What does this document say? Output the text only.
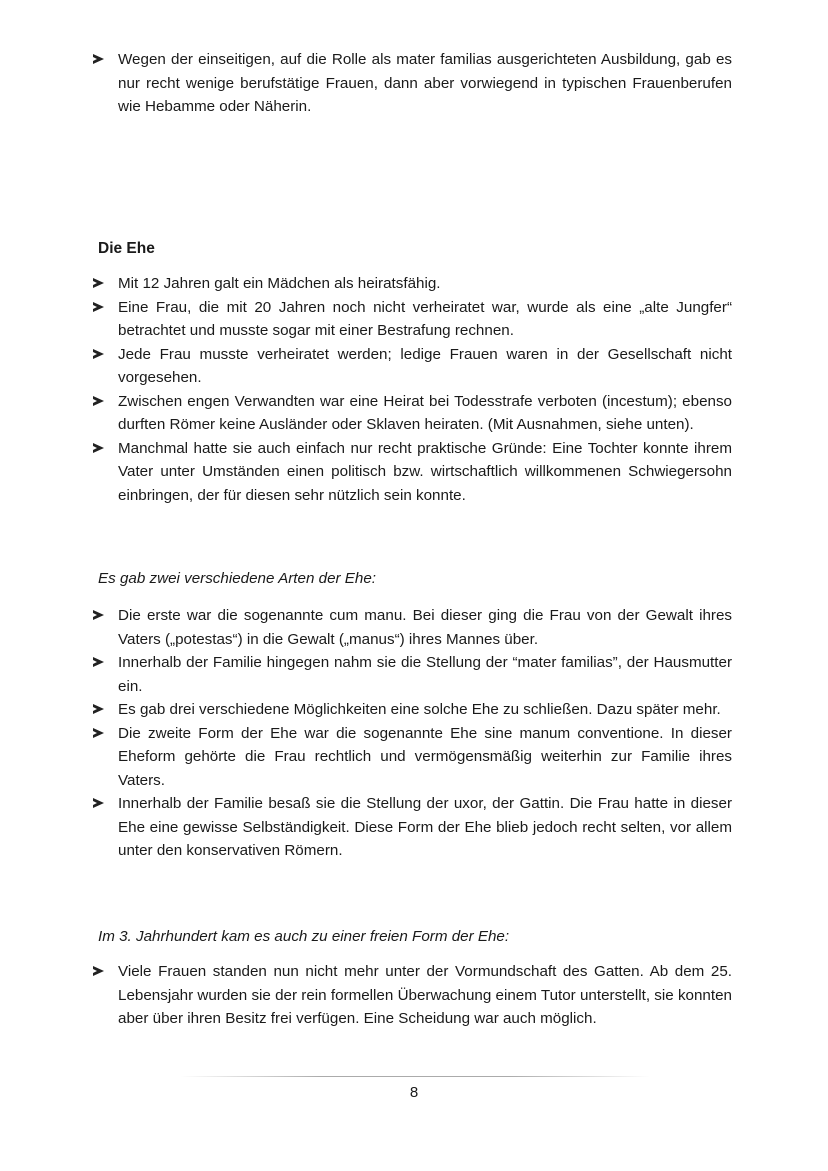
Wegen der einseitigen, auf die Rolle als mater familias ausgerichteten Ausbildung, gab es nur recht wenige berufstätige Frauen, dann aber vorwiegend in typischen Frauenberufen wie Hebamme oder Näherin.
Die Ehe
Mit 12 Jahren galt ein Mädchen als heiratsfähig.
Eine Frau, die mit 20 Jahren noch nicht verheiratet war, wurde als eine „alte Jungfer“ betrachtet und musste sogar mit einer Bestrafung rechnen.
Jede Frau musste verheiratet werden; ledige Frauen waren in der Gesellschaft nicht vorgesehen.
Zwischen engen Verwandten war eine Heirat bei Todesstrafe verboten (incestum); ebenso durften Römer keine Ausländer oder Sklaven heiraten. (Mit Ausnahmen, siehe unten).
Manchmal hatte sie auch einfach nur recht praktische Gründe: Eine Tochter konnte ihrem Vater unter Umständen einen politisch bzw. wirtschaftlich willkommenen Schwiegersohn einbringen, der für diesen sehr nützlich sein konnte.
Es gab zwei verschiedene Arten der Ehe:
Die erste war die sogenannte cum manu. Bei dieser ging die Frau von der Gewalt ihres Vaters („potestas“) in die Gewalt („manus“) ihres Mannes über.
Innerhalb der Familie hingegen nahm sie die Stellung der “mater familias”, der Hausmutter ein.
Es gab drei verschiedene Möglichkeiten eine solche Ehe zu schließen. Dazu später mehr.
Die zweite Form der Ehe war die sogenannte Ehe sine manum conventione. In dieser Eheform gehörte die Frau rechtlich und vermögensmäßig weiterhin zur Familie ihres Vaters.
Innerhalb der Familie besaß sie die Stellung der uxor, der Gattin. Die Frau hatte in dieser Ehe eine gewisse Selbständigkeit. Diese Form der Ehe blieb jedoch recht selten, vor allem unter den konservativen Römern.
Im 3. Jahrhundert kam es auch zu einer freien Form der Ehe:
Viele Frauen standen nun nicht mehr unter der Vormundschaft des Gatten. Ab dem 25. Lebensjahr wurden sie der rein formellen Überwachung einem Tutor unterstellt, sie konnten aber über ihren Besitz frei verfügen. Eine Scheidung war auch möglich.
8
